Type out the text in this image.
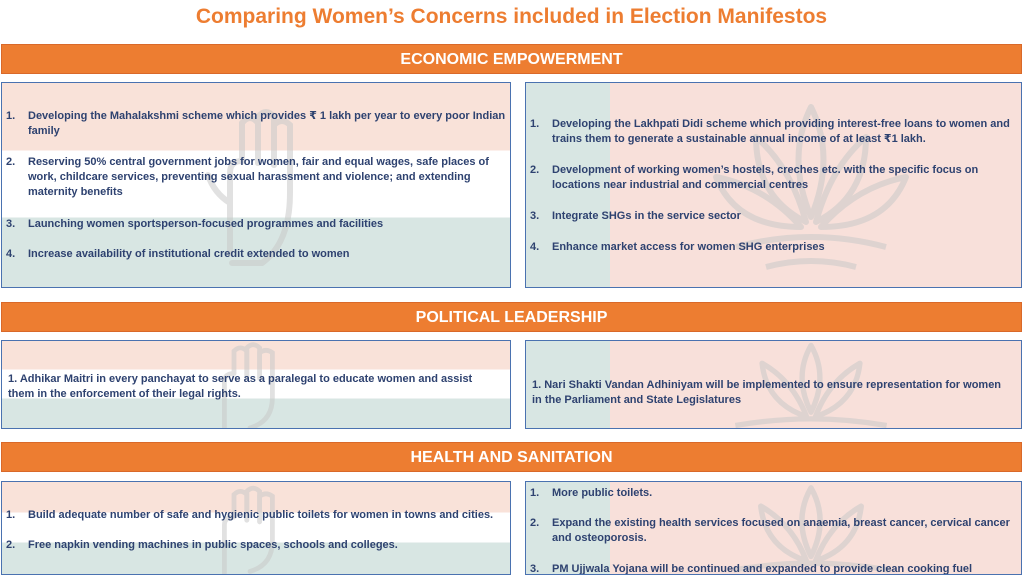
Comparing Women’s Concerns included in Election Manifestos
ECONOMIC EMPOWERMENT
1. Developing the Mahalakshmi scheme which provides ₹ 1 lakh per year to every poor Indian family
2. Reserving 50% central government jobs for women, fair and equal wages, safe places of work, childcare services, preventing sexual harassment and violence; and extending maternity benefits
3. Launching women sportsperson-focused programmes and facilities
4. Increase availability of institutional credit extended to women
1. Developing the Lakhpati Didi scheme which providing interest-free loans to women and trains them to generate a sustainable annual income of at least ₹1 lakh.
2. Development of working women’s hostels, creches etc. with the specific focus on locations near industrial and commercial centres
3. Integrate SHGs in the service sector
4. Enhance market access for women SHG enterprises
POLITICAL LEADERSHIP
1. Adhikar Maitri in every panchayat to serve as a paralegal to educate women and assist them in the enforcement of their legal rights.
1. Nari Shakti Vandan Adhiniyam will be implemented to ensure representation for women in the Parliament and State Legislatures
HEALTH AND SANITATION
1. Build adequate number of safe and hygienic public toilets for women in towns and cities.
2. Free napkin vending machines in public spaces, schools and colleges.
1. More public toilets.
2. Expand the existing health services focused on anaemia, breast cancer, cervical cancer and osteoporosis.
3. PM Ujjwala Yojana will be continued and expanded to provide clean cooking fuel
